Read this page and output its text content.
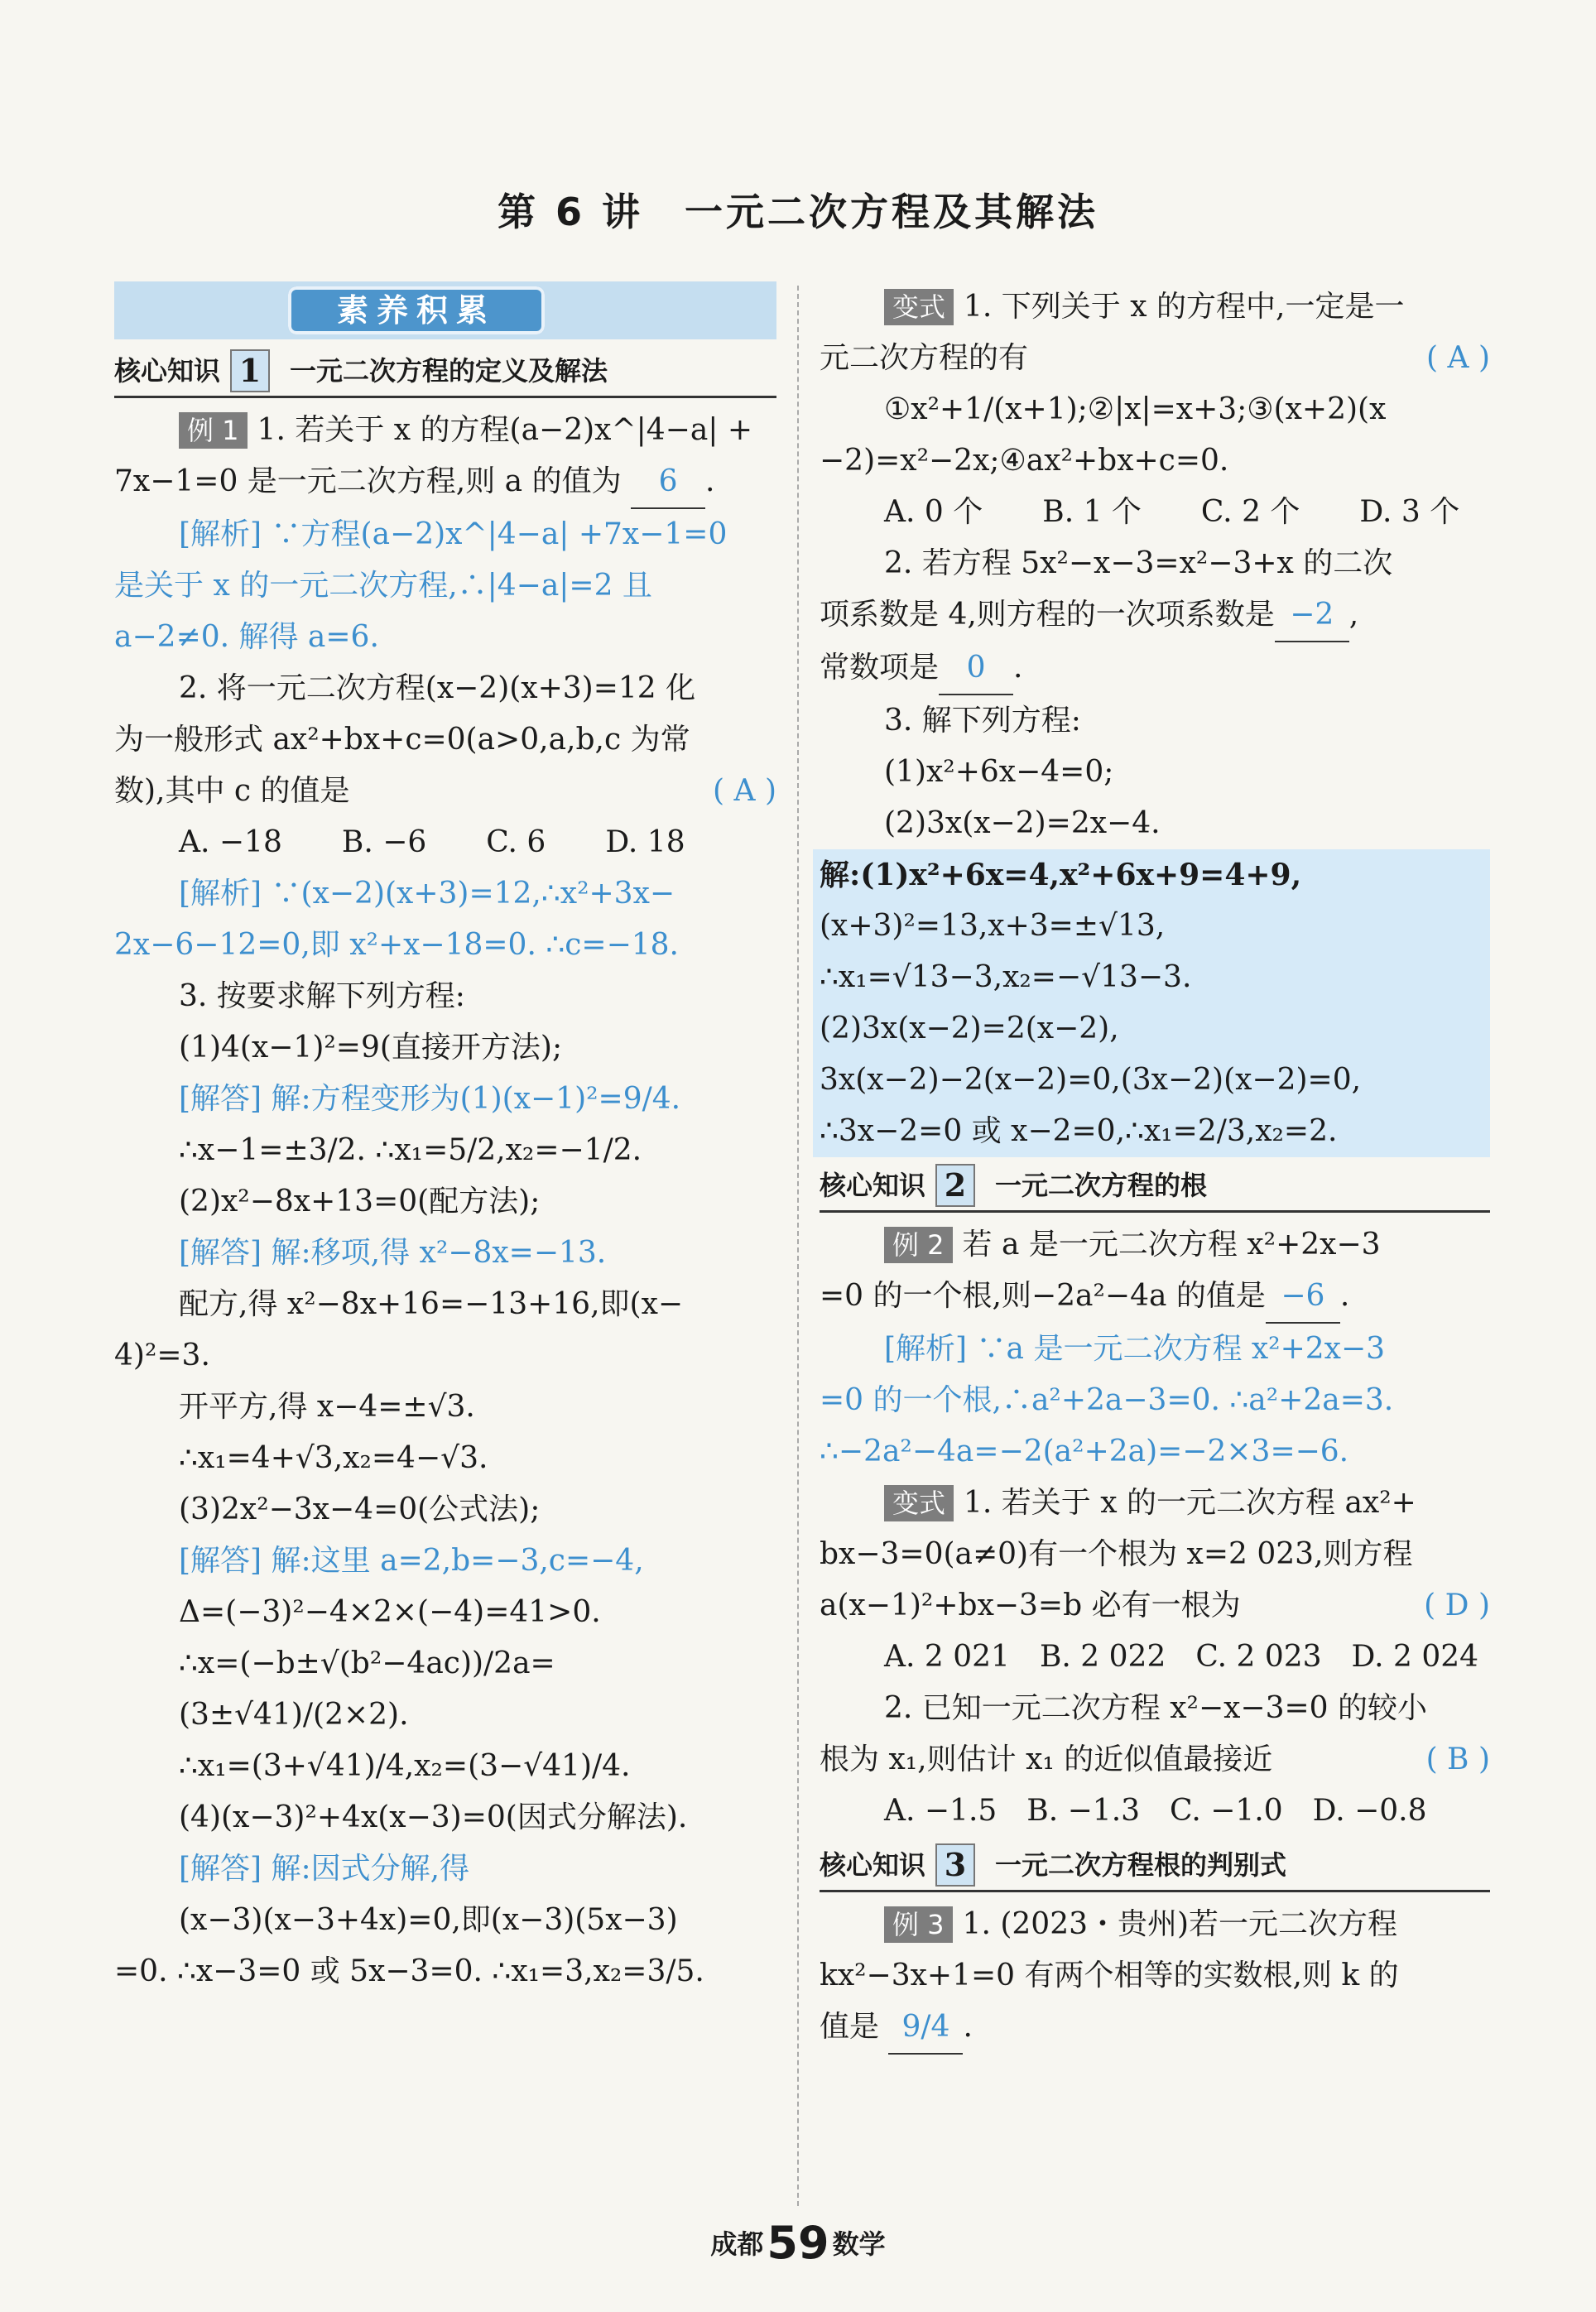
第 6 讲　一元二次方程及其解法
素养积累
核心知识 1	一元二次方程的定义及解法

例 1 1. 若关于 x 的方程(a−2)x^|4−a| +

7x−1=0 是一元二次方程,则 a 的值为 6 .

[解析] ∵方程(a−2)x^|4−a| +7x−1=0

是关于 x 的一元二次方程,∴|4−a|=2 且

a−2≠0. 解得 a=6.

2. 将一元二次方程(x−2)(x+3)=12 化

为一般形式 ax²+bx+c=0(a>0,a,b,c 为常

数),其中 c 的值是	( A )

A. −18　　B. −6　　C. 6　　D. 18

[解析] ∵(x−2)(x+3)=12,∴x²+3x−

2x−6−12=0,即 x²+x−18=0. ∴c=−18.

3. 按要求解下列方程:

(1)4(x−1)²=9(直接开方法);

[解答] 解:方程变形为(1)(x−1)²=9/4.

∴x−1=±3/2. ∴x₁=5/2,x₂=−1/2.

(2)x²−8x+13=0(配方法);

[解答] 解:移项,得 x²−8x=−13.

配方,得 x²−8x+16=−13+16,即(x−

4)²=3.

开平方,得 x−4=±√3.

∴x₁=4+√3,x₂=4−√3.

(3)2x²−3x−4=0(公式法);

[解答] 解:这里 a=2,b=−3,c=−4,

Δ=(−3)²−4×2×(−4)=41>0.

∴x=(−b±√(b²−4ac))/2a=(3±√41)/(2×2).

∴x₁=(3+√41)/4,x₂=(3−√41)/4.

(4)(x−3)²+4x(x−3)=0(因式分解法).

[解答] 解:因式分解,得

(x−3)(x−3+4x)=0,即(x−3)(5x−3)

=0. ∴x−3=0 或 5x−3=0. ∴x₁=3,x₂=3/5.

变式 1. 下列关于 x 的方程中,一定是一

元二次方程的有	( A )

①x²+1/(x+1);②|x|=x+3;③(x+2)(x

−2)=x²−2x;④ax²+bx+c=0.

A. 0 个　　B. 1 个　　C. 2 个　　D. 3 个

2. 若方程 5x²−x−3=x²−3+x 的二次

项系数是 4,则方程的一次项系数是 −2 ,

常数项是 0 .

3. 解下列方程:

(1)x²+6x−4=0;

(2)3x(x−2)=2x−4.

解:(1)x²+6x=4,x²+6x+9=4+9,

(x+3)²=13,x+3=±√13,

∴x₁=√13−3,x₂=−√13−3.

(2)3x(x−2)=2(x−2),

3x(x−2)−2(x−2)=0,(3x−2)(x−2)=0,

∴3x−2=0 或 x−2=0,∴x₁=2/3,x₂=2.

核心知识 2	一元二次方程的根

例 2 若 a 是一元二次方程 x²+2x−3

=0 的一个根,则−2a²−4a 的值是 −6 .

[解析] ∵a 是一元二次方程 x²+2x−3

=0 的一个根,∴a²+2a−3=0. ∴a²+2a=3.

∴−2a²−4a=−2(a²+2a)=−2×3=−6.

变式 1. 若关于 x 的一元二次方程 ax²+

bx−3=0(a≠0)有一个根为 x=2 023,则方程

a(x−1)²+bx−3=b 必有一根为	( D )

A. 2 021　B. 2 022　C. 2 023　D. 2 024

2. 已知一元二次方程 x²−x−3=0 的较小

根为 x₁,则估计 x₁ 的近似值最接近	( B )

A. −1.5　B. −1.3　C. −1.0　D. −0.8

核心知识 3	一元二次方程根的判别式

例 3 1. (2023・贵州)若一元二次方程

kx²−3x+1=0 有两个相等的实数根,则 k 的

值是 9/4 .

成都59 数学
